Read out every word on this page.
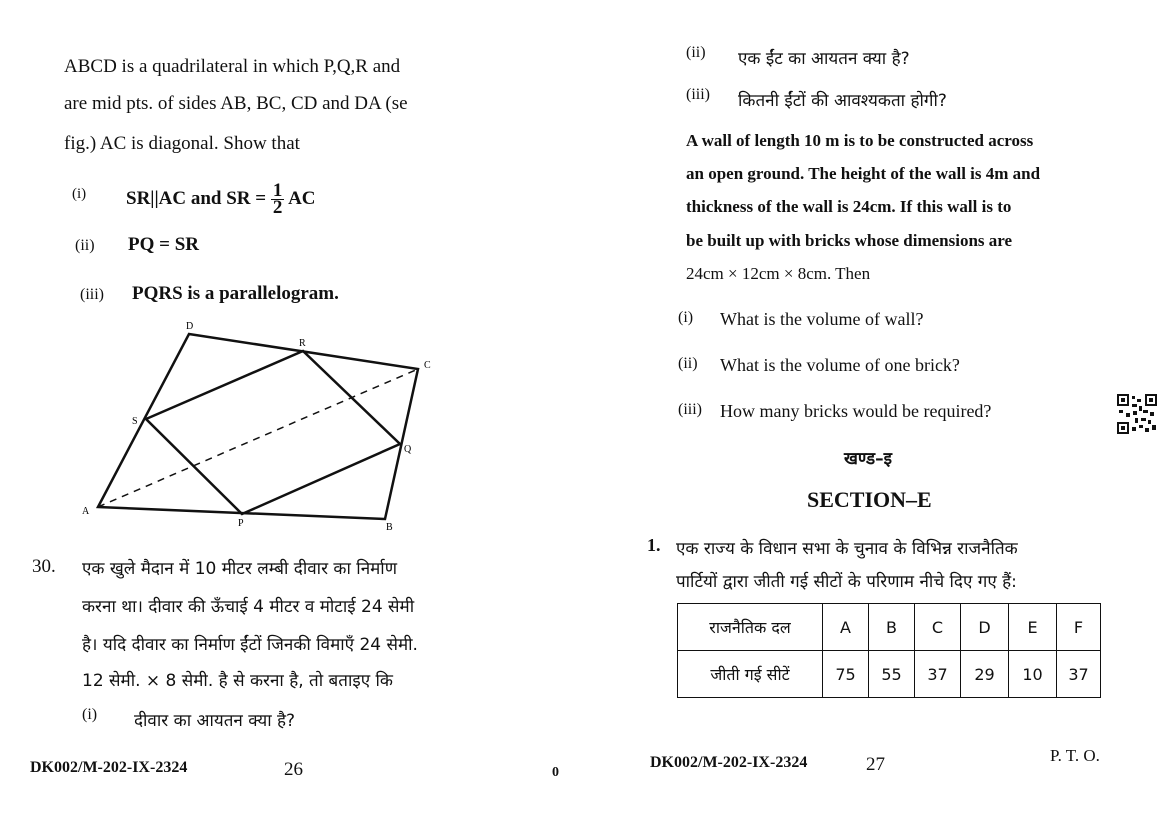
ABCD is a quadrilateral in which P,Q,R and
are mid pts. of sides AB, BC, CD and DA (se
fig.) AC is diagonal. Show that
(i) SR||AC and SR = $\frac{1}{2}$ AC
(ii) PQ = SR
(iii) PQRS is a parallelogram.
A
B
C
D
P
Q
R
S
30. एक खुले मैदान में 10 मीटर लम्बी दीवार का निर्माण
करना था। दीवार की ऊँचाई 4 मीटर व मोटाई 24 सेमी
है। यदि दीवार का निर्माण ईंटों जिनकी विमाएँ 24 सेमी.
12 सेमी. × 8 सेमी. है से करना है, तो बताइए कि
(i) दीवार का आयतन क्या है?
DK002/M-202-IX-2324	26	0
(ii) एक ईंट का आयतन क्या है?
(iii) कितनी ईंटों की आवश्यकता होगी?
A wall of length 10 m is to be constructed across
an open ground. The height of the wall is 4m and
thickness of the wall is 24cm. If this wall is to
be built up with bricks whose dimensions are
24cm × 12cm × 8cm. Then
(i) What is the volume of wall?
(ii) What is the volume of one brick?
(iii) How many bricks would be required?
खण्ड–इ
SECTION–E
1. एक राज्य के विधान सभा के चुनाव के विभिन्न राजनैतिक
पार्टियों द्वारा जीती गई सीटों के परिणाम नीचे दिए गए हैं:
राजनैतिक दल	A	B	C	D	E	F
जीती गई सीटें	75	55	37	29	10	37
DK002/M-202-IX-2324	27	P. T. O.
